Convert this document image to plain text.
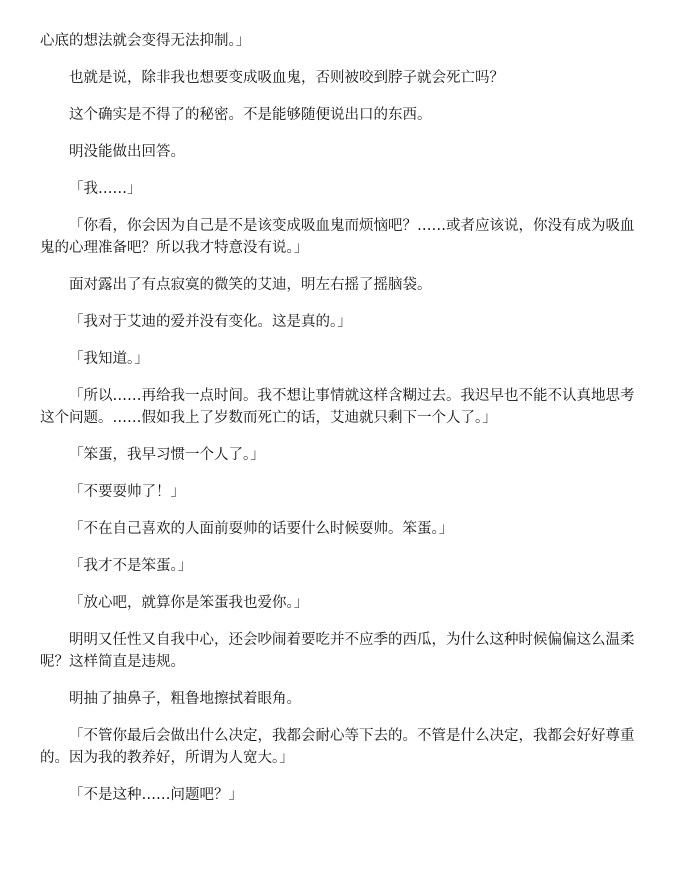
心底的想法就会变得无法抑制。」

也就是说，除非我也想要变成吸血鬼，否则被咬到脖子就会死亡吗？

这个确实是不得了的秘密。不是能够随便说出口的东西。

明没能做出回答。

「我……」

「你看，你会因为自己是不是该变成吸血鬼而烦恼吧？……或者应该说，你没有成为吸血鬼的心理准备吧？所以我才特意没有说。」

面对露出了有点寂寞的微笑的艾迪，明左右摇了摇脑袋。

「我对于艾迪的爱并没有变化。这是真的。」

「我知道。」

「所以……再给我一点时间。我不想让事情就这样含糊过去。我迟早也不能不认真地思考这个问题。……假如我上了岁数而死亡的话，艾迪就只剩下一个人了。」

「笨蛋，我早习惯一个人了。」

「不要耍帅了！」

「不在自己喜欢的人面前耍帅的话要什么时候耍帅。笨蛋。」

「我才不是笨蛋。」

「放心吧，就算你是笨蛋我也爱你。」

明明又任性又自我中心，还会吵闹着要吃并不应季的西瓜，为什么这种时候偏偏这么温柔呢？这样简直是违规。

明抽了抽鼻子，粗鲁地擦拭着眼角。

「不管你最后会做出什么决定，我都会耐心等下去的。不管是什么决定，我都会好好尊重的。因为我的教养好，所谓为人宽大。」

「不是这种……问题吧？」
